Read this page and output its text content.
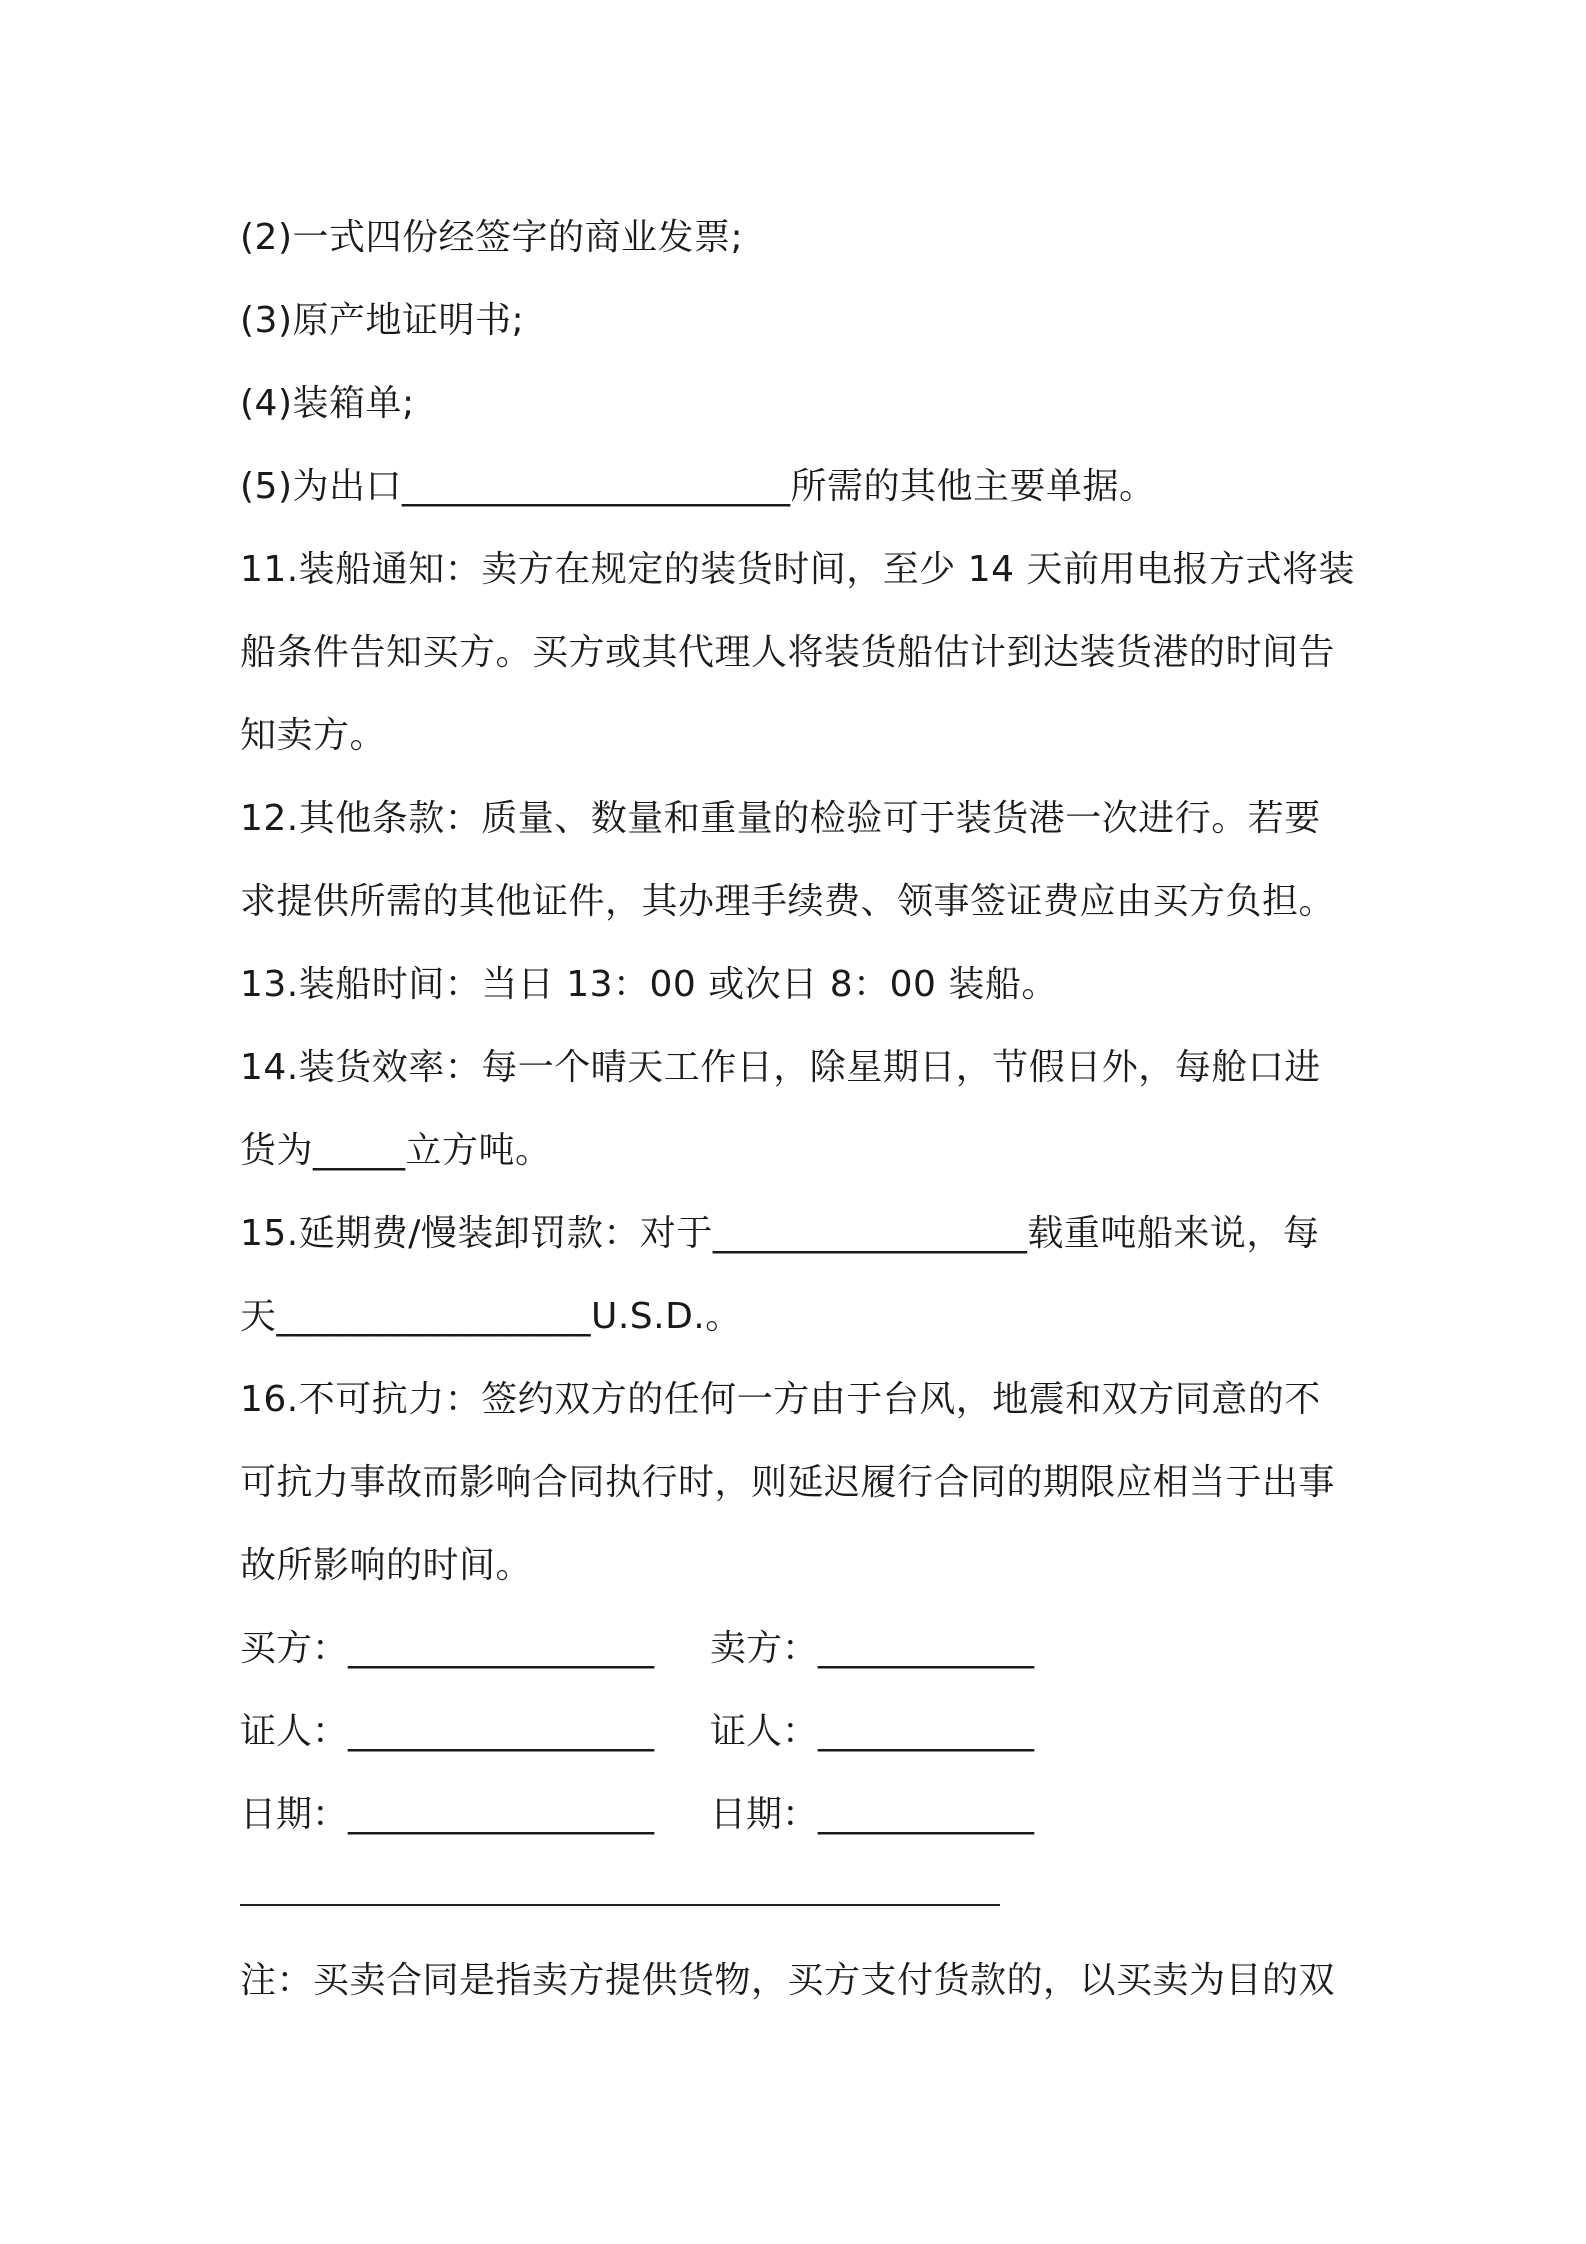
(2)一式四份经签字的商业发票;
(3)原产地证明书;
(4)装箱单;
(5)为出口_____________________所需的其他主要单据。
11.装船通知：卖方在规定的装货时间，至少 14 天前用电报方式将装
船条件告知买方。买方或其代理人将装货船估计到达装货港的时间告
知卖方。
12.其他条款：质量、数量和重量的检验可于装货港一次进行。若要
求提供所需的其他证件，其办理手续费、领事签证费应由买方负担。
13.装船时间：当日 13：00 或次日 8：00 装船。
14.装货效率：每一个晴天工作日，除星期日，节假日外，每舱口进
货为_____立方吨。
15.延期费/慢装卸罚款：对于_________________载重吨船来说，每
天_________________U.S.D.。
16.不可抗力：签约双方的任何一方由于台风，地震和双方同意的不
可抗力事故而影响合同执行时，则延迟履行合同的期限应相当于出事
故所影响的时间。
买方：_________________	卖方：____________
证人：_________________	证人：____________
日期：_________________	日期：____________
注：买卖合同是指卖方提供货物，买方支付货款的，以买卖为目的双
